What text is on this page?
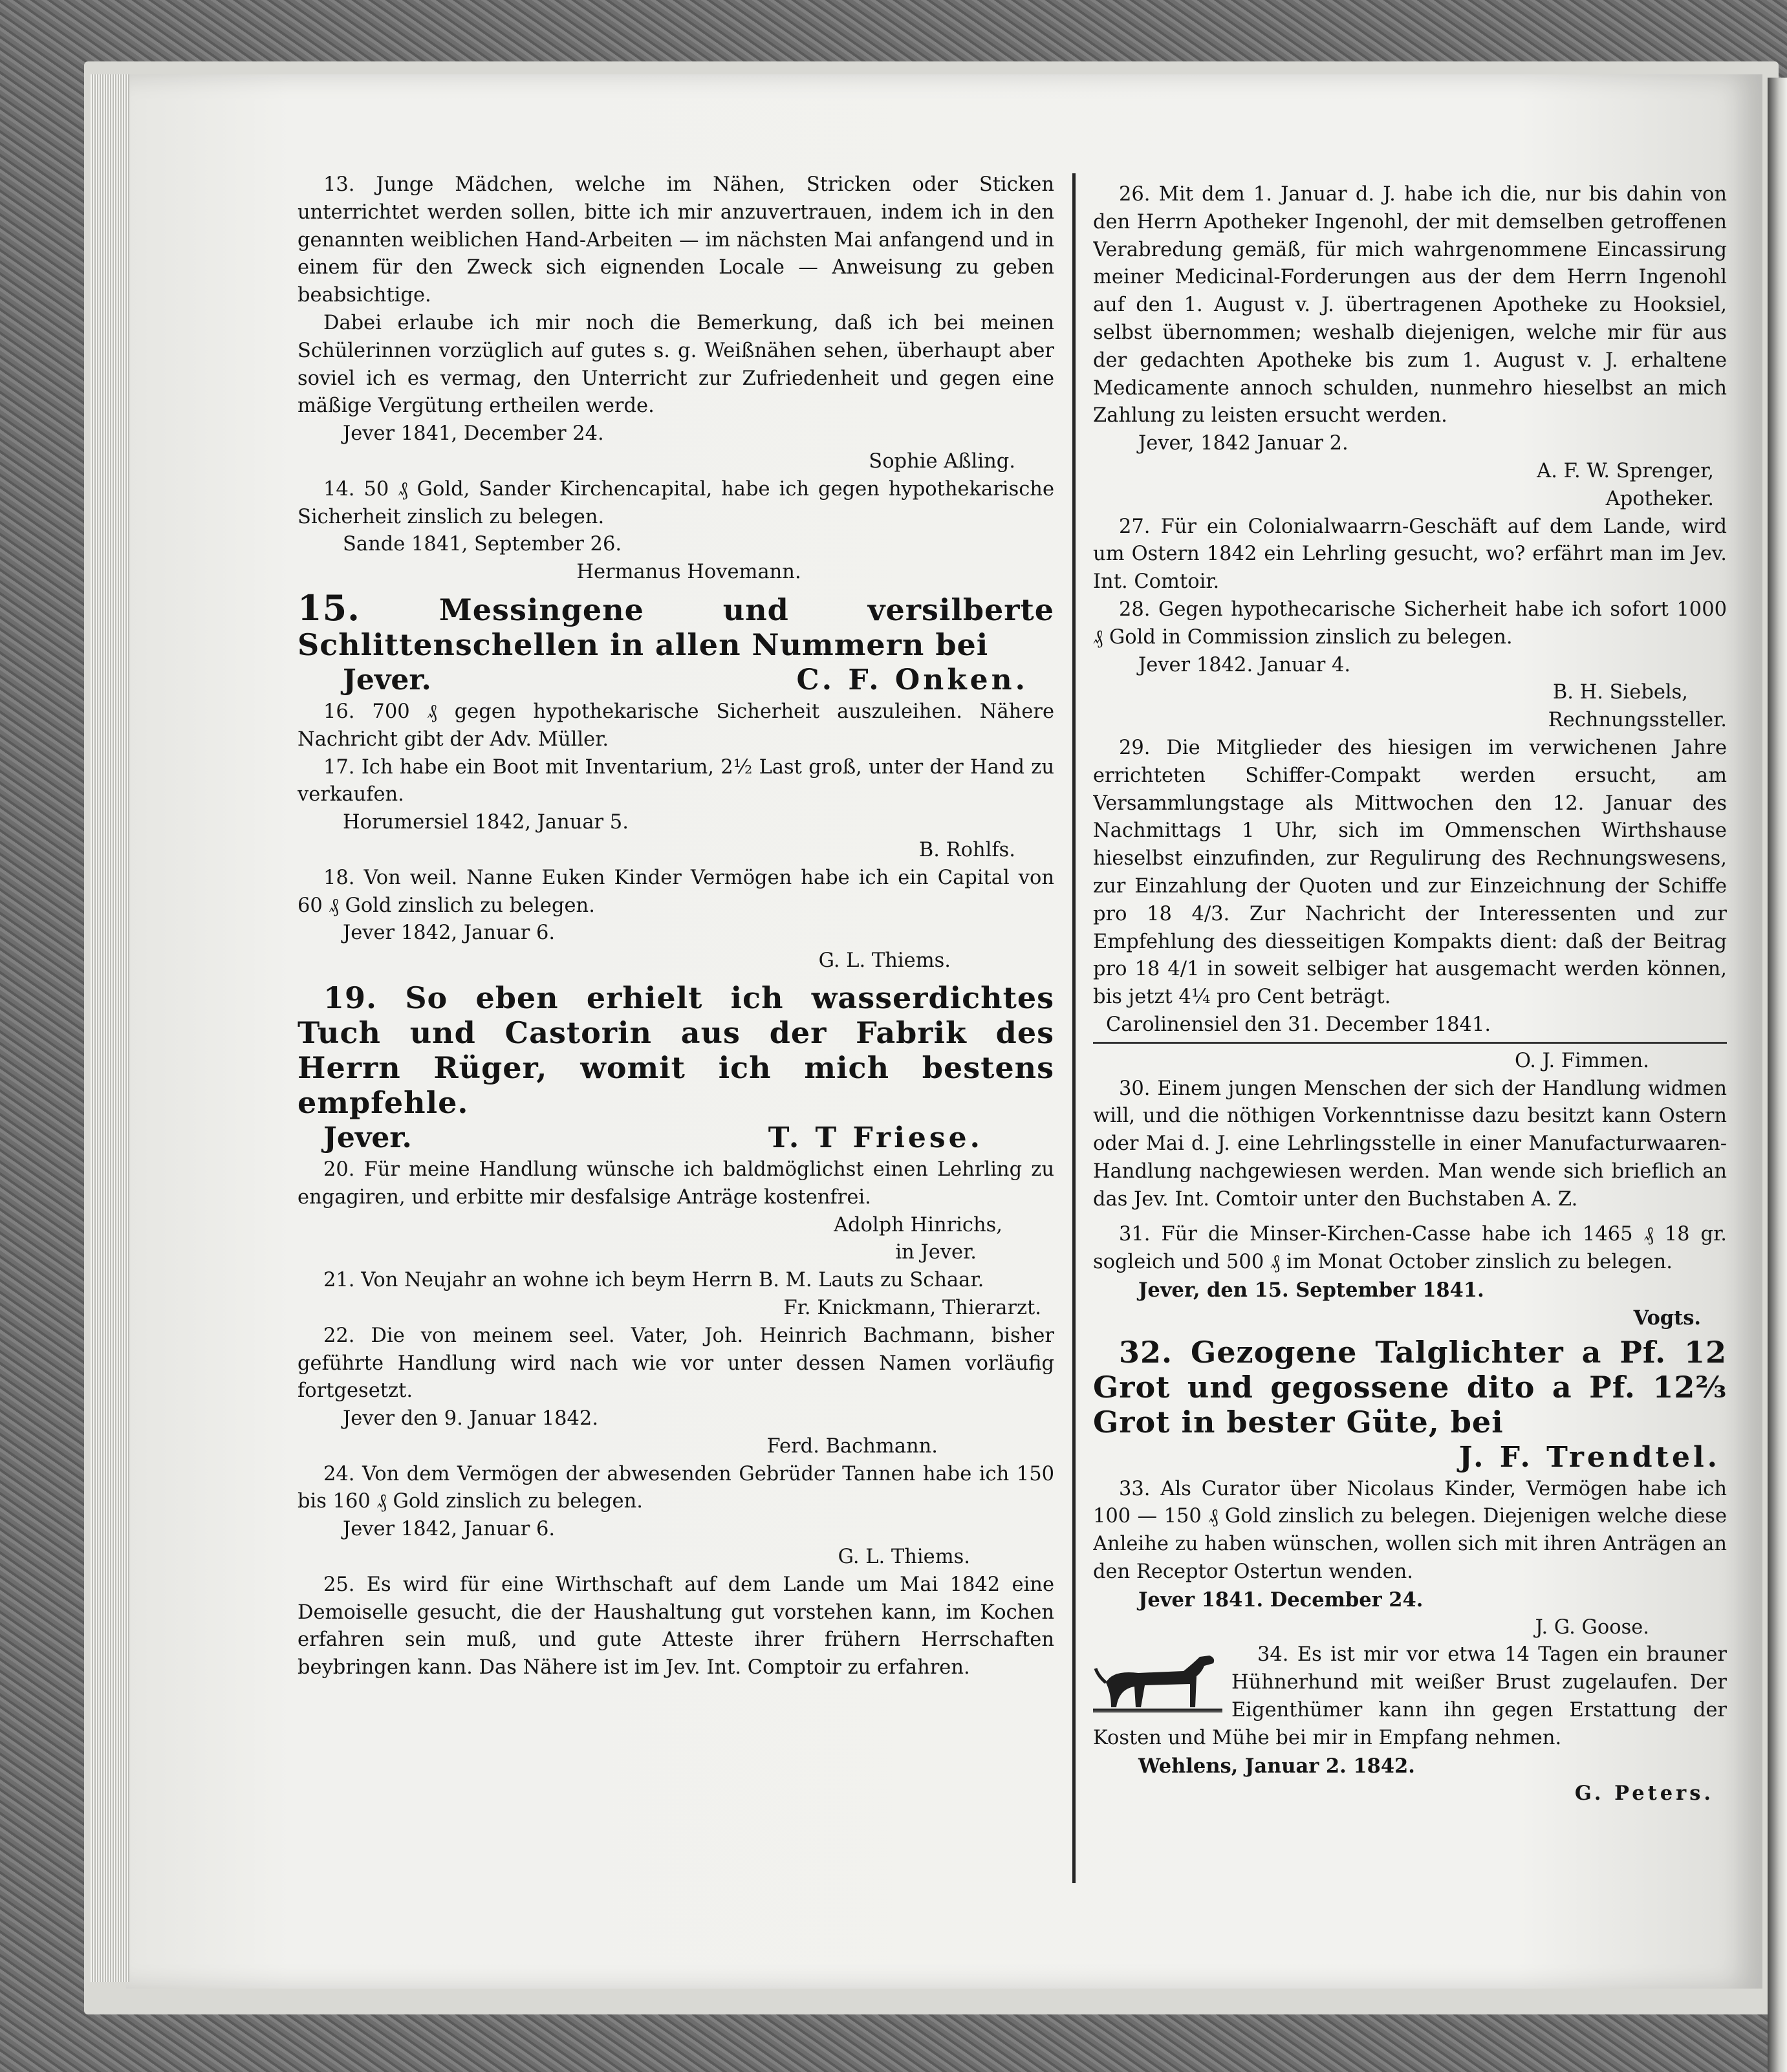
13. Junge Mädchen, welche im Nähen, Stricken oder Sticken unterrichtet werden sollen, bitte ich mir anzuvertrauen, indem ich in den genannten weiblichen Hand-Arbeiten — im nächsten Mai anfangend und in einem für den Zweck sich eignenden Locale — Anweisung zu geben beabsichtige.

Dabei erlaube ich mir noch die Bemerkung, daß ich bei meinen Schülerinnen vorzüglich auf gutes s. g. Weißnähen sehen, überhaupt aber soviel ich es vermag, den Unterricht zur Zufriedenheit und gegen eine mäßige Vergütung ertheilen werde.

Jever 1841, December 24.

Sophie Aßling.

14. 50 ₰ Gold, Sander Kirchencapital, habe ich gegen hypothekarische Sicherheit zinslich zu belegen.

Sande 1841, September 26.

Hermanus Hovemann.

15.	Messingene und versilberte Schlittenschellen in allen Nummern bei

Jever.	C. F. Onken.

16. 700 ₰ gegen hypothekarische Sicherheit auszuleihen. Nähere Nachricht gibt der Adv. Müller.

17. Ich habe ein Boot mit Inventarium, 2½ Last groß, unter der Hand zu verkaufen.

Horumersiel 1842, Januar 5.

B. Rohlfs.

18. Von weil. Nanne Euken Kinder Vermögen habe ich ein Capital von 60 ₰ Gold zinslich zu belegen.

Jever 1842, Januar 6.

G. L. Thiems.

19. So eben erhielt ich wasserdichtes Tuch und Castorin aus der Fabrik des Herrn Rüger, womit ich mich bestens empfehle.

Jever.	T. T Friese.

20. Für meine Handlung wünsche ich baldmöglichst einen Lehrling zu engagiren, und erbitte mir desfalsige Anträge kostenfrei.

Adolph Hinrichs,

in Jever.

21. Von Neujahr an wohne ich beym Herrn B. M. Lauts zu Schaar.

Fr. Knickmann, Thierarzt.

22. Die von meinem seel. Vater, Joh. Heinrich Bachmann, bisher geführte Handlung wird nach wie vor unter dessen Namen vorläufig fortgesetzt.

Jever den 9. Januar 1842.

Ferd. Bachmann.

24. Von dem Vermögen der abwesenden Gebrüder Tannen habe ich 150 bis 160 ₰ Gold zinslich zu belegen.

Jever 1842, Januar 6.

G. L. Thiems.

25. Es wird für eine Wirthschaft auf dem Lande um Mai 1842 eine Demoiselle gesucht, die der Haushaltung gut vorstehen kann, im Kochen erfahren sein muß, und gute Atteste ihrer frühern Herrschaften beybringen kann. Das Nähere ist im Jev. Int. Comptoir zu erfahren.

26. Mit dem 1. Januar d. J. habe ich die, nur bis dahin von den Herrn Apotheker Ingenohl, der mit demselben getroffenen Verabredung gemäß, für mich wahrgenommene Eincassirung meiner Medicinal-Forderungen aus der dem Herrn Ingenohl auf den 1. August v. J. übertragenen Apotheke zu Hooksiel, selbst übernommen; weshalb diejenigen, welche mir für aus der gedachten Apotheke bis zum 1. August v. J. erhaltene Medicamente annoch schulden, nunmehro hieselbst an mich Zahlung zu leisten ersucht werden.

Jever, 1842 Januar 2.

A. F. W. Sprenger,

Apotheker.

27. Für ein Colonialwaarrn-Geschäft auf dem Lande, wird um Ostern 1842 ein Lehrling gesucht, wo? erfährt man im Jev. Int. Comtoir.

28. Gegen hypothecarische Sicherheit habe ich sofort 1000 ₰ Gold in Commission zinslich zu belegen.

Jever 1842. Januar 4.

B. H. Siebels,

Rechnungssteller.

29. Die Mitglieder des hiesigen im verwichenen Jahre errichteten Schiffer-Compakt werden ersucht, am Versammlungstage als Mittwochen den 12. Januar des Nachmittags 1 Uhr, sich im Ommenschen Wirthshause hieselbst einzufinden, zur Regulirung des Rechnungswesens, zur Einzahlung der Quoten und zur Einzeichnung der Schiffe pro 18 4/3. Zur Nachricht der Interessenten und zur Empfehlung des diesseitigen Kompakts dient: daß der Beitrag pro 18 4/1 in soweit selbiger hat ausgemacht werden können, bis jetzt 4¼ pro Cent beträgt.

Carolinensiel den 31. December 1841.

O. J. Fimmen.

30. Einem jungen Menschen der sich der Handlung widmen will, und die nöthigen Vorkenntnisse dazu besitzt kann Ostern oder Mai d. J. eine Lehrlingsstelle in einer Manufacturwaaren-Handlung nachgewiesen werden. Man wende sich brieflich an das Jev. Int. Comtoir unter den Buchstaben A. Z.

31. Für die Minser-Kirchen-Casse habe ich 1465 ₰ 18 gr. sogleich und 500 ₰ im Monat October zinslich zu belegen.

Jever, den 15. September 1841.

Vogts.

32. Gezogene Talglichter a Pf. 12 Grot und gegossene dito a Pf. 12⅔ Grot in bester Güte, bei

J. F. Trendtel.

33. Als Curator über Nicolaus Kinder, Vermögen habe ich 100 — 150 ₰ Gold zinslich zu belegen. Diejenigen welche diese Anleihe zu haben wünschen, wollen sich mit ihren Anträgen an den Receptor Ostertun wenden.

Jever 1841. December 24.

J. G. Goose.

34. Es ist mir vor etwa 14 Tagen ein brauner Hühnerhund mit weißer Brust zugelaufen. Der Eigenthümer kann ihn gegen Erstattung der Kosten und Mühe bei mir in Empfang nehmen.

Wehlens, Januar 2. 1842.

G. Peters.
